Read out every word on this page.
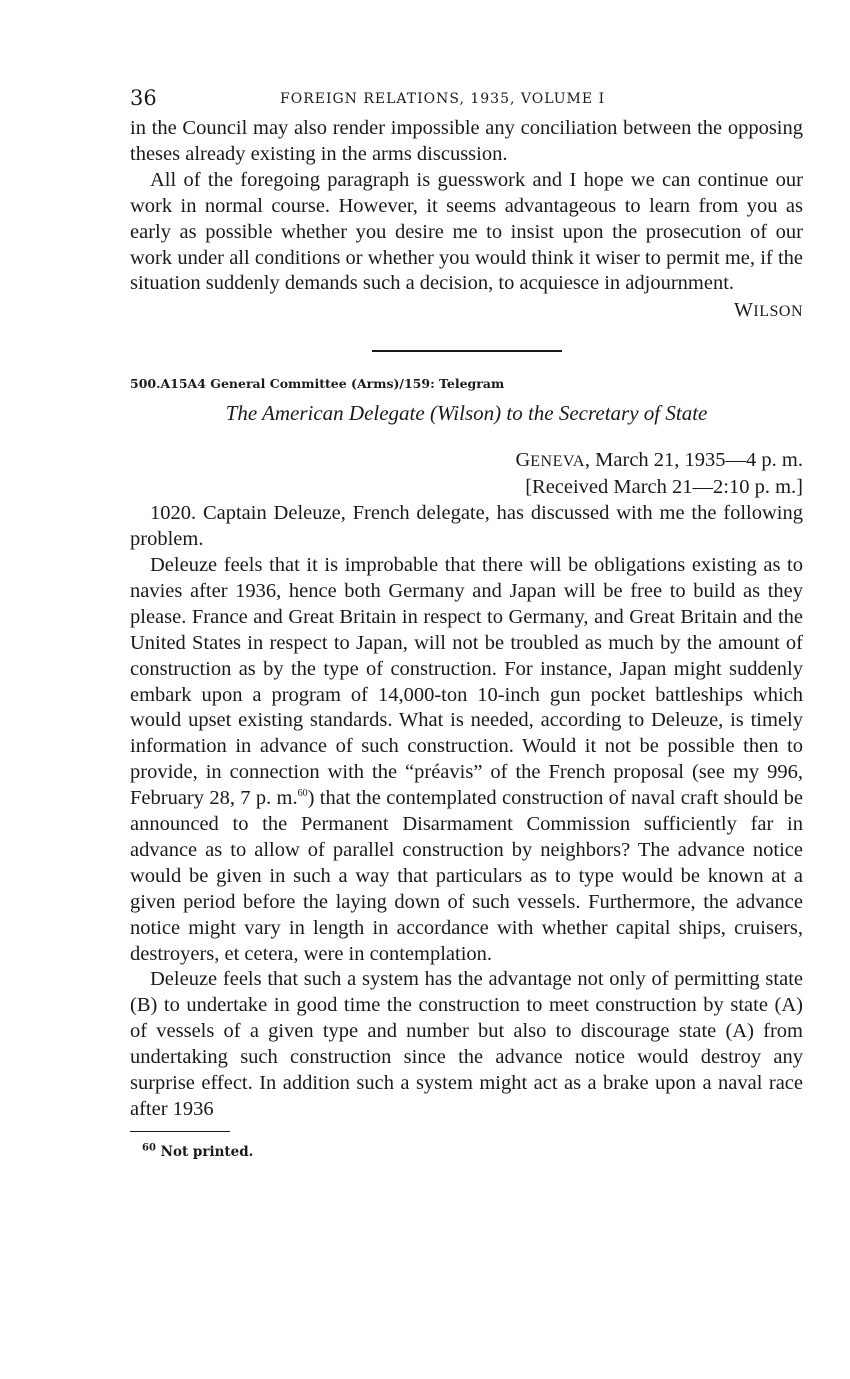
36	FOREIGN RELATIONS, 1935, VOLUME I

in the Council may also render impossible any conciliation between the opposing theses already existing in the arms discussion.

All of the foregoing paragraph is guesswork and I hope we can continue our work in normal course. However, it seems advantageous to learn from you as early as possible whether you desire me to insist upon the prosecution of our work under all conditions or whether you would think it wiser to permit me, if the situation suddenly demands such a decision, to acquiesce in adjournment.

WILSON
500.A15A4 General Committee (Arms)/159: Telegram
The American Delegate (Wilson) to the Secretary of State
GENEVA, March 21, 1935—4 p. m.
[Received March 21—2:10 p. m.]

1020. Captain Deleuze, French delegate, has discussed with me the following problem.

Deleuze feels that it is improbable that there will be obligations existing as to navies after 1936, hence both Germany and Japan will be free to build as they please. France and Great Britain in respect to Germany, and Great Britain and the United States in respect to Japan, will not be troubled as much by the amount of construction as by the type of construction. For instance, Japan might suddenly embark upon a program of 14,000-ton 10-inch gun pocket battleships which would upset existing standards. What is needed, according to Deleuze, is timely information in advance of such construction. Would it not be possible then to provide, in connection with the “préavis” of the French proposal (see my 996, February 28, 7 p. m.$^{60}$) that the contemplated construction of naval craft should be announced to the Permanent Disarmament Commission sufficiently far in advance as to allow of parallel construction by neighbors? The advance notice would be given in such a way that particulars as to type would be known at a given period before the laying down of such vessels. Furthermore, the advance notice might vary in length in accordance with whether capital ships, cruisers, destroyers, et cetera, were in contemplation.

Deleuze feels that such a system has the advantage not only of permitting state (B) to undertake in good time the construction to meet construction by state (A) of vessels of a given type and number but also to discourage state (A) from undertaking such construction since the advance notice would destroy any surprise effect. In addition such a system might act as a brake upon a naval race after 1936

$^{60}$ Not printed.
